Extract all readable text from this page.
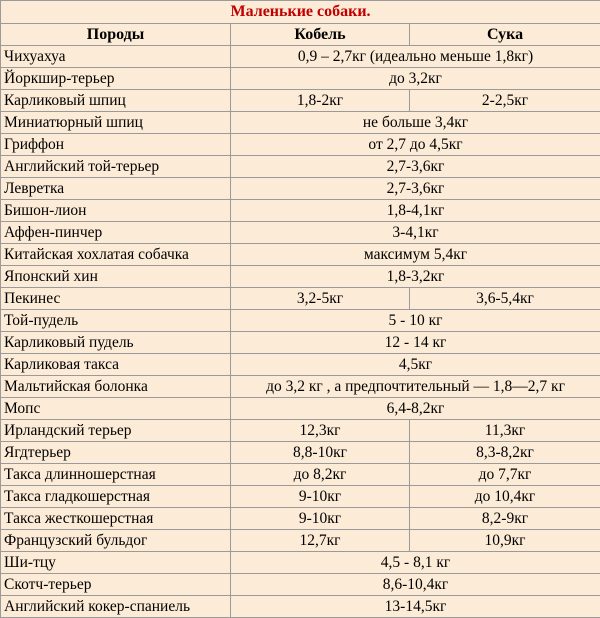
Маленькие собаки.		
Породы	Кобель	Сука
Чихуахуа	0,9 – 2,7кг (идеально меньше 1,8кг)	
Йоркшир-терьер	до 3,2кг	
Карликовый шпиц	1,8-2кг	2-2,5кг
Миниатюрный шпиц	не больше 3,4кг	
Гриффон	от 2,7 до 4,5кг	
Английский той-терьер	2,7-3,6кг	
Левретка	2,7-3,6кг	
Бишон-лион	1,8-4,1кг	
Аффен-пинчер	3-4,1кг	
Китайская хохлатая собачка	максимум 5,4кг	
Японский хин	1,8-3,2кг	
Пекинес	3,2-5кг	3,6-5,4кг
Той-пудель	5 - 10 кг	
Карликовый пудель	12 - 14 кг	
Карликовая такса	4,5кг	
Мальтийская болонка	до 3,2 кг , а предпочтительный — 1,8—2,7 кг	
Мопс	6,4-8,2кг	
Ирландский терьер	12,3кг	11,3кг
Ягдтерьер	8,8-10кг	8,3-8,2кг
Такса длинношерстная	до 8,2кг	до 7,7кг
Такса гладкошерстная	9-10кг	до 10,4кг
Такса жесткошерстная	9-10кг	8,2-9кг
Французский бульдог	12,7кг	10,9кг
Ши-тцу	4,5 - 8,1 кг	
Скотч-терьер	8,6-10,4кг	
Английский кокер-спаниель	13-14,5кг	
